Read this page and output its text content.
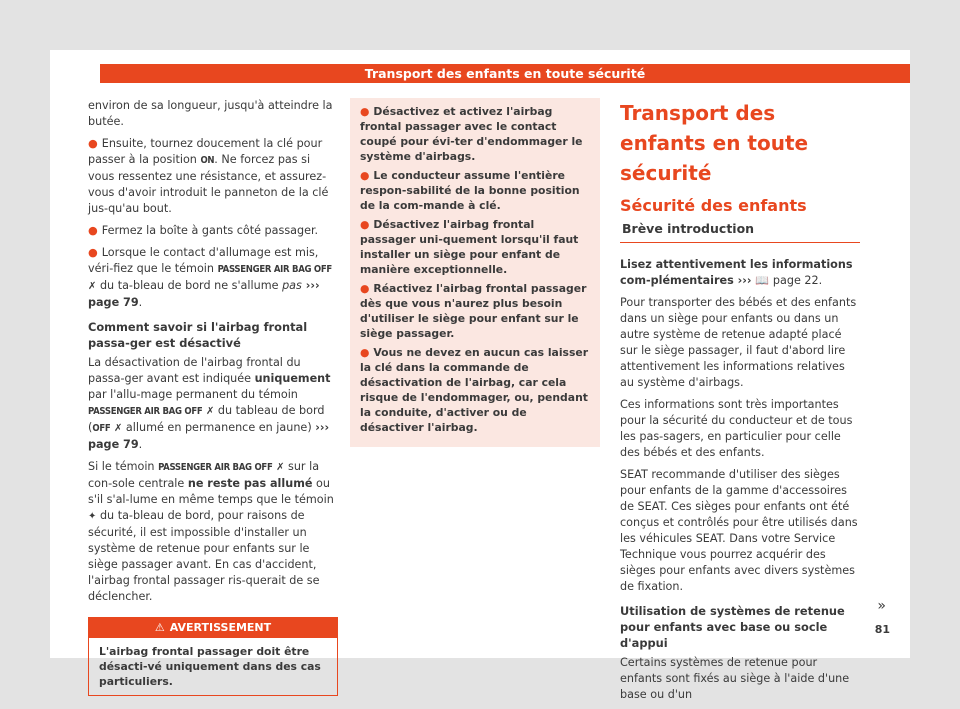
Transport des enfants en toute sécurité

environ de sa longueur, jusqu'à atteindre la butée.

● Ensuite, tournez doucement la clé pour passer à la position ON. Ne forcez pas si vous ressentez une résistance, et assurez-vous d'avoir introduit le panneton de la clé jus-qu'au bout.

● Fermez la boîte à gants côté passager.

● Lorsque le contact d'allumage est mis, véri-fiez que le témoin PASSENGER AIR BAG OFF ✗ du ta-bleau de bord ne s'allume pas ››› page 79.

Comment savoir si l'airbag frontal passa-ger est désactivé

La désactivation de l'airbag frontal du passa-ger avant est indiquée uniquement par l'allu-mage permanent du témoin PASSENGER AIR BAG OFF ✗ du tableau de bord (OFF ✗ allumé en permanence en jaune) ››› page 79.

Si le témoin PASSENGER AIR BAG OFF ✗ sur la con-sole centrale ne reste pas allumé ou s'il s'al-lume en même temps que le témoin ✦ du ta-bleau de bord, pour raisons de sécurité, il est impossible d'installer un système de retenue pour enfants sur le siège passager avant. En cas d'accident, l'airbag frontal passager ris-querait de se déclencher.

⚠ AVERTISSEMENT
L'airbag frontal passager doit être désacti-vé uniquement dans des cas particuliers.

● Désactivez et activez l'airbag frontal passager avec le contact coupé pour évi-ter d'endommager le système d'airbags.

● Le conducteur assume l'entière respon-sabilité de la bonne position de la com-mande à clé.

● Désactivez l'airbag frontal passager uni-quement lorsqu'il faut installer un siège pour enfant de manière exceptionnelle.

● Réactivez l'airbag frontal passager dès que vous n'aurez plus besoin d'utiliser le siège pour enfant sur le siège passager.

● Vous ne devez en aucun cas laisser la clé dans la commande de désactivation de l'airbag, car cela risque de l'endommager, ou, pendant la conduite, d'activer ou de désactiver l'airbag.

Transport des enfants en toute sécurité
Sécurité des enfants
Brève introduction

Lisez attentivement les informations com-plémentaires ››› 📖 page 22.

Pour transporter des bébés et des enfants dans un siège pour enfants ou dans un autre système de retenue adapté placé sur le siège passager, il faut d'abord lire attentivement les informations relatives au système d'airbags.

Ces informations sont très importantes pour la sécurité du conducteur et de tous les pas-sagers, en particulier pour celle des bébés et des enfants.

SEAT recommande d'utiliser des sièges pour enfants de la gamme d'accessoires de SEAT. Ces sièges pour enfants ont été conçus et contrôlés pour être utilisés dans les véhicules SEAT. Dans votre Service Technique vous pourrez acquérir des sièges pour enfants avec divers systèmes de fixation.

Utilisation de systèmes de retenue pour enfants avec base ou socle d'appui

Certains systèmes de retenue pour enfants sont fixés au siège à l'aide d'une base ou d'un

»
81
